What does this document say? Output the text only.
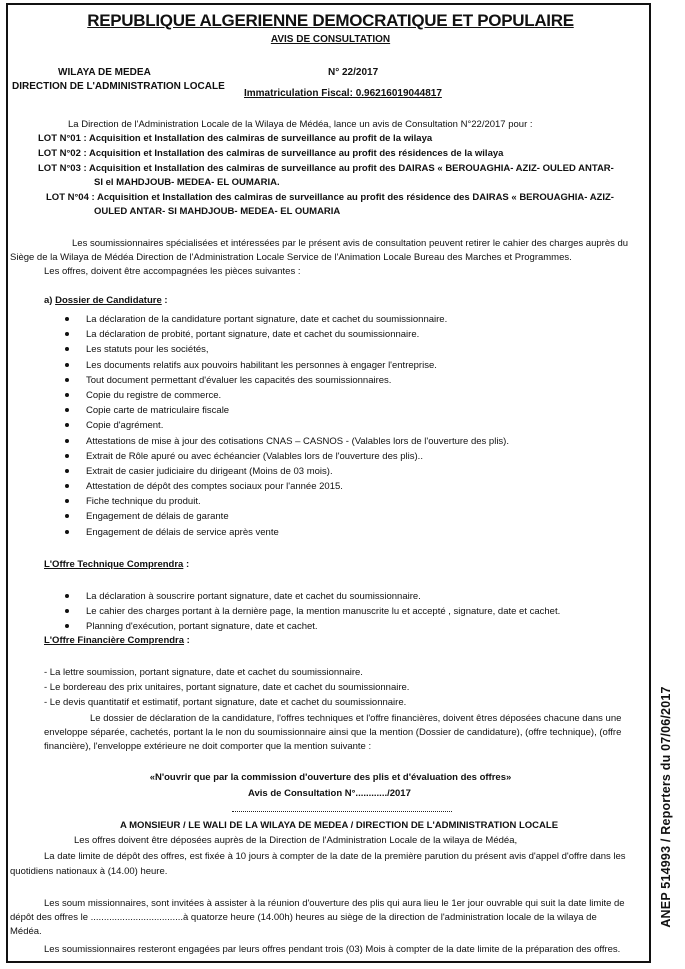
REPUBLIQUE ALGERIENNE DEMOCRATIQUE ET POPULAIRE
AVIS DE CONSULTATION
WILAYA DE MEDEA
DIRECTION DE L'ADMINISTRATION LOCALE
N° 22/2017
Immatriculation Fiscal: 0.96216019044817
La Direction de l'Administration Locale de la Wilaya de Médéa, lance un avis de Consultation N°22/2017 pour :
LOT N°01 : Acquisition et Installation des calmiras de surveillance au profit de la wilaya
LOT N°02 : Acquisition et Installation des calmiras de surveillance au profit des résidences de la wilaya
LOT N°03 : Acquisition et Installation des calmiras de surveillance au profit des DAIRAS « BEROUAGHIA- AZIZ- OULED ANTAR-
SI el MAHDJOUB- MEDEA- EL OUMARIA.
LOT N°04 : Acquisition et Installation des calmiras de surveillance au profit des résidence des DAIRAS « BEROUAGHIA- AZIZ-
OULED ANTAR- SI MAHDJOUB- MEDEA- EL OUMARIA
Les soumissionnaires spécialisées et intéressées par le présent avis de consultation peuvent retirer le cahier des charges auprès du
Siège de la Wilaya de Médéa Direction de l'Administration Locale Service de l'Animation Locale Bureau des Marches et Programmes.
Les offres, doivent être accompagnées les pièces suivantes :
a) Dossier de Candidature :
La déclaration de la candidature portant signature, date et cachet du soumissionnaire.
La déclaration de probité, portant signature, date et cachet du soumissionnaire.
Les statuts pour les sociétés,
Les documents relatifs aux pouvoirs habilitant les personnes à engager l'entreprise.
Tout document permettant d'évaluer les capacités des soumissionnaires.
Copie du registre de commerce.
Copie carte de matriculaire fiscale
Copie d'agrément.
Attestations de mise à jour des cotisations CNAS – CASNOS - (Valables lors de l'ouverture des plis).
Extrait de Rôle apuré ou avec échéancier (Valables lors de l'ouverture des plis)..
Extrait de casier judiciaire du dirigeant (Moins de 03 mois).
Attestation de dépôt des comptes sociaux pour l'année 2015.
Fiche technique du produit.
Engagement de délais de garante
Engagement de délais de service après vente
L'Offre Technique Comprendra :
La déclaration à souscrire portant signature, date et cachet du soumissionnaire.
Le cahier des charges portant à la dernière page, la mention manuscrite lu et accepté , signature, date et cachet.
Planning d'exécution, portant signature, date et cachet.
L'Offre Financière Comprendra :
- La lettre soumission, portant signature, date et cachet du soumissionnaire.
- Le bordereau des prix unitaires, portant signature, date et cachet du soumissionnaire.
- Le devis quantitatif et estimatif, portant signature, date et cachet du soumissionnaire.
Le dossier de déclaration de la candidature, l'offres techniques et l'offre financières, doivent êtres déposées chacune dans une
enveloppe séparée, cachetés, portant la le non du soumissionnaire ainsi que la mention (Dossier de candidature), (offre technique), (offre
financière), l'enveloppe extérieure ne doit comporter que la mention suivante :
«N'ouvrir que par la commission d'ouverture des plis et d'évaluation des offres»
Avis de Consultation N°............/2017
A MONSIEUR / LE WALI DE LA WILAYA DE MEDEA / DIRECTION DE L'ADMINISTRATION LOCALE
Les offres doivent être déposées auprès de la Direction de l'Administration Locale de la wilaya de Médéa,
La date limite de dépôt des offres, est fixée à 10 jours à compter de la date de la première parution du présent avis d'appel d'offre dans les
quotidiens nationaux à (14.00) heure.
Les soum missionnaires, sont invitées à assister à la réunion d'ouverture des plis qui aura lieu le 1er jour ouvrable qui suit la date limite de
dépôt des offres le ...................................à quatorze heure (14.00h) heures au siège de la direction de l'administration locale de la wilaya de
Médéa.
Les soumissionnaires resteront engagées par leurs offres pendant trois (03) Mois à compter de la date limite de la préparation des offres.
ANEP 514993 / Reporters du 07/06/2017
